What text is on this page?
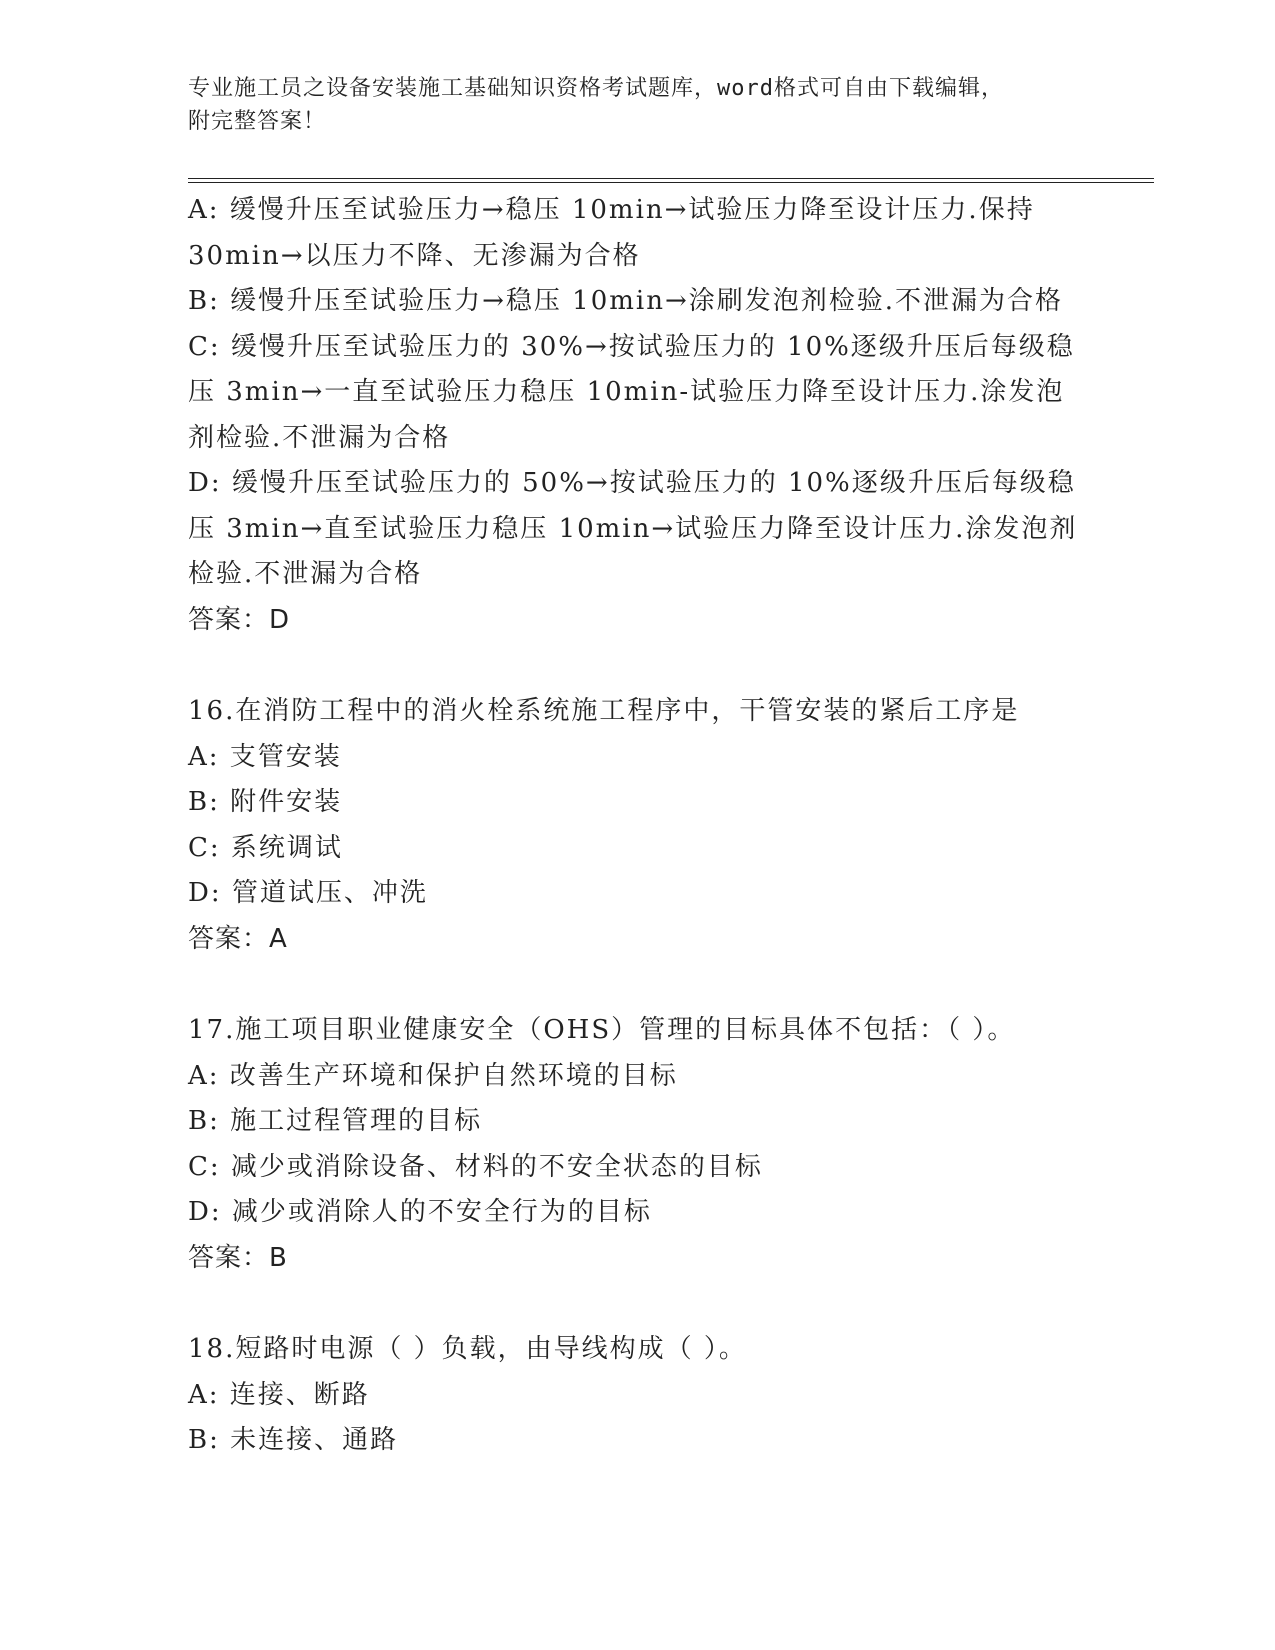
专业施工员之设备安装施工基础知识资格考试题库，word格式可自由下载编辑，
附完整答案！
A: 缓慢升压至试验压力→稳压 10min→试验压力降至设计压力.保持
30min→以压力不降、无渗漏为合格
B: 缓慢升压至试验压力→稳压 10min→涂刷发泡剂检验.不泄漏为合格
C: 缓慢升压至试验压力的 30%→按试验压力的 10%逐级升压后每级稳
压 3min→一直至试验压力稳压 10min-试验压力降至设计压力.涂发泡
剂检验.不泄漏为合格
D: 缓慢升压至试验压力的 50%→按试验压力的 10%逐级升压后每级稳
压 3min→直至试验压力稳压 10min→试验压力降至设计压力.涂发泡剂
检验.不泄漏为合格
答案：D
16.在消防工程中的消火栓系统施工程序中，干管安装的紧后工序是
A: 支管安装
B: 附件安装
C: 系统调试
D: 管道试压、冲洗
答案：A
17.施工项目职业健康安全（OHS）管理的目标具体不包括：（ ）。
A: 改善生产环境和保护自然环境的目标
B: 施工过程管理的目标
C: 减少或消除设备、材料的不安全状态的目标
D: 减少或消除人的不安全行为的目标
答案：B
18.短路时电源（ ）负载，由导线构成（ ）。
A: 连接、断路
B: 未连接、通路
